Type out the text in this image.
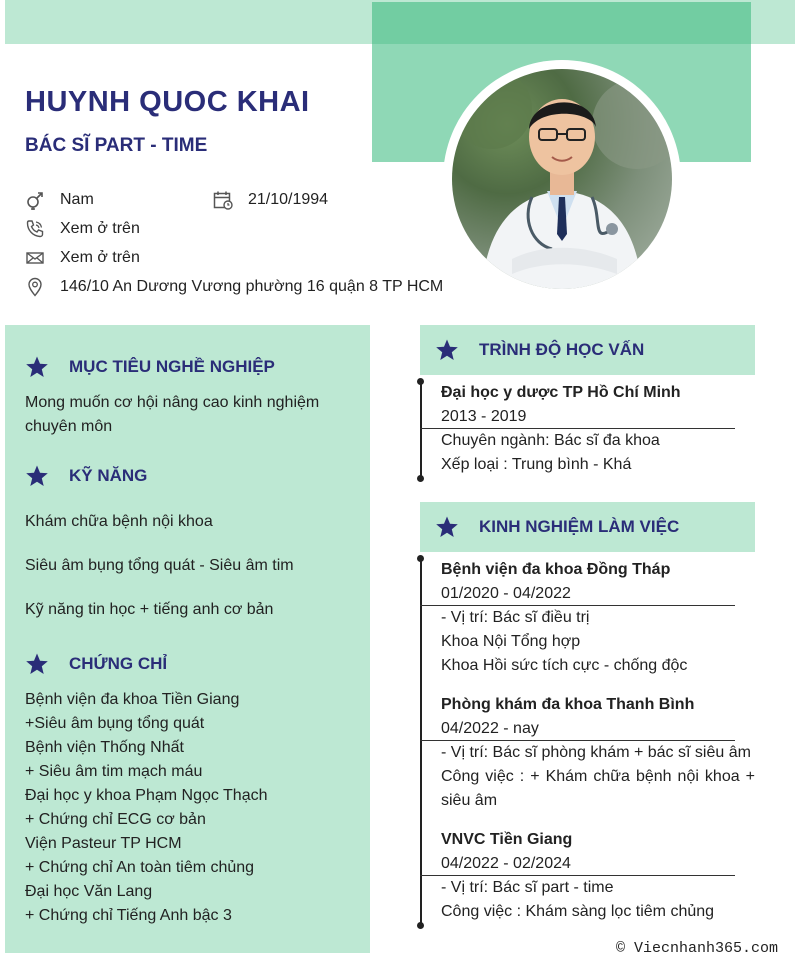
HUYNH QUOC KHAI
BÁC SĨ PART - TIME
Nam	21/10/1994
Xem ở trên
Xem ở trên
146/10 An Dương Vương phường 16 quận 8 TP HCM
MỤC TIÊU NGHỀ NGHIỆP
Mong muốn cơ hội nâng cao kinh nghiệm
chuyên môn
KỸ NĂNG
Khám chữa bệnh nội khoa
Siêu âm bụng tổng quát - Siêu âm tim
Kỹ năng tin học + tiếng anh cơ bản
CHỨNG CHỈ
Bệnh viện đa khoa Tiền Giang
+Siêu âm bụng tổng quát
Bệnh viện Thống Nhất
+ Siêu âm tim mạch máu
Đại học y khoa Phạm Ngọc Thạch
+ Chứng chỉ ECG cơ bản
Viện Pasteur TP HCM
+ Chứng chỉ An toàn tiêm chủng
Đại học Văn Lang
+ Chứng chỉ Tiếng Anh bậc 3
TRÌNH ĐỘ HỌC VẤN
Đại học y dược TP Hồ Chí Minh
2013 - 2019
Chuyên ngành: Bác sĩ đa khoa
Xếp loại : Trung bình - Khá
KINH NGHIỆM LÀM VIỆC
Bệnh viện đa khoa Đồng Tháp
01/2020 - 04/2022
- Vị trí: Bác sĩ điều trị
Khoa Nội Tổng hợp
Khoa Hồi sức tích cực - chống độc
Phòng khám đa khoa Thanh Bình
04/2022 - nay
- Vị trí: Bác sĩ phòng khám + bác sĩ siêu âm
Công việc : + Khám chữa bệnh nội khoa +
siêu âm
VNVC Tiền Giang
04/2022 - 02/2024
- Vị trí: Bác sĩ part - time
Công việc : Khám sàng lọc tiêm chủng
© Viecnhanh365.com
